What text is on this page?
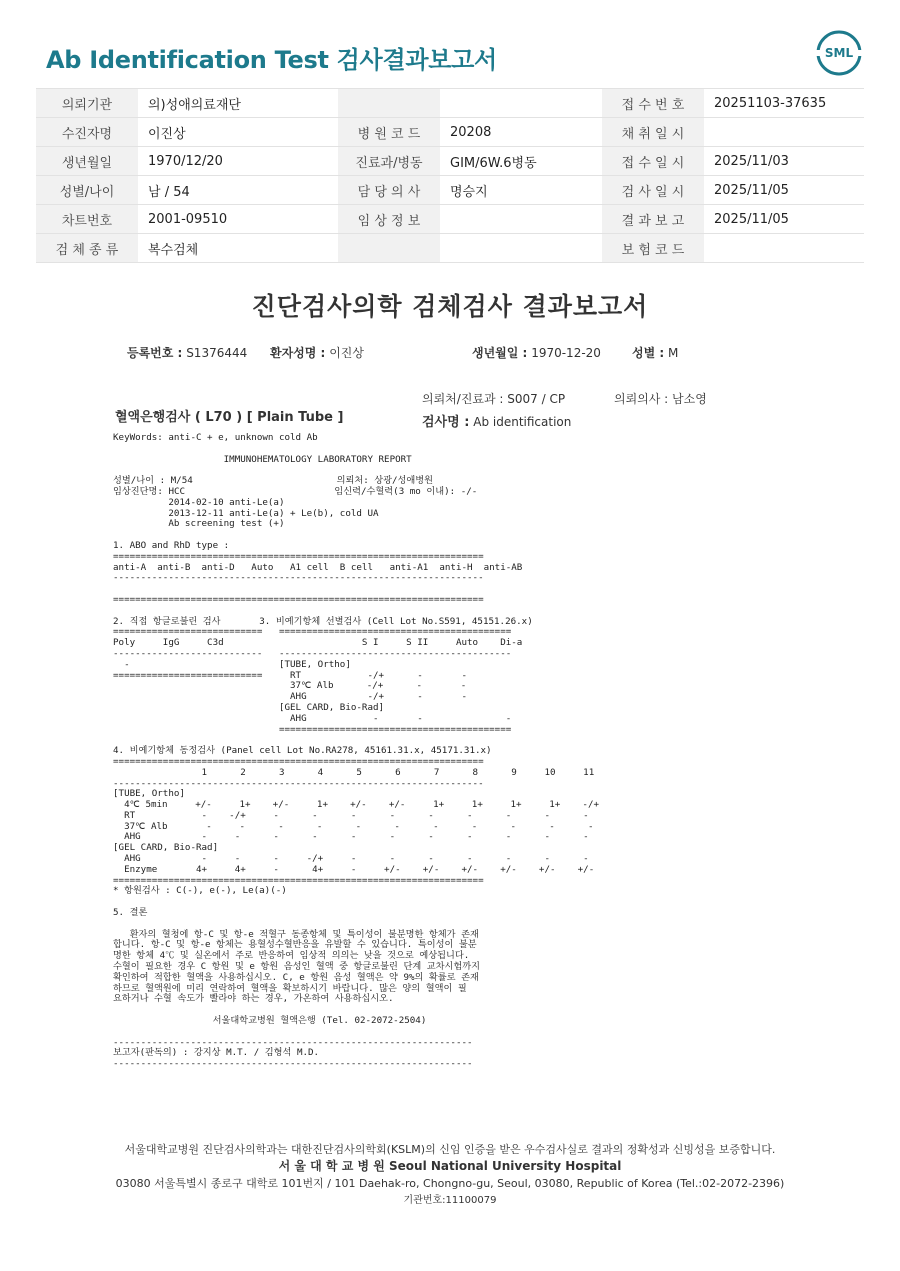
Ab Identification Test 검사결과보고서	SML
의뢰기관	의)성애의료재단			접 수 번 호	20251103-37635
수진자명	이진상	병 원 코 드	20208	채 취 일 시	
생년월일	1970/12/20	진료과/병동	GIM/6W.6병동	접 수 일 시	2025/11/03
성별/나이	남 / 54	담 당 의 사	명승지	검 사 일 시	2025/11/05
차트번호	2001-09510	임 상 정 보		결 과 보 고	2025/11/05
검 체 종 류	복수검체			보 험 코 드	
진단검사의학 검체검사 결과보고서
등록번호 : S1376444 환자성명 : 이진상	생년월일 : 1970-12-20	성별 : M
의뢰처/진료과 : S007 / CP	의뢰의사 : 남소영
혈액은행검사 ( L70 ) [ Plain Tube ]	검사명 : Ab identification
KeyWords: anti-C + e, unknown cold Ab

IMMUNOHEMATOLOGY LABORATORY REPORT

성별/나이 : M/54                          의뢰처: 상광/성애병원
임상진단명: HCC                           임신력/수혈력(3 mo 이내): -/-
2014-02-10 anti-Le(a)
2013-12-11 anti-Le(a) + Le(b), cold UA
Ab screening test (+)

1. ABO and RhD type :
===================================================================
anti-A  anti-B  anti-D   Auto   A1 cell  B cell   anti-A1  anti-H  anti-AB
-------------------------------------------------------------------

===================================================================

2. 직접 항글로불린 검사       3. 비예기항체 선별검사 (Cell Lot No.S591, 45151.26.x)
===========================   ==========================================
Poly     IgG     C3d                         S I     S II     Auto    Di-a
---------------------------   ------------------------------------------
-                           [TUBE, Ortho]
===========================     RT            -/+      -       -
37℃ Alb      -/+      -       -
AHG           -/+      -       -
[GEL CARD, Bio-Rad]
AHG            -       -               -
==========================================

4. 비예기항체 동정검사 (Panel cell Lot No.RA278, 45161.31.x, 45171.31.x)
===================================================================
1      2      3      4      5      6      7      8      9     10     11
-------------------------------------------------------------------
[TUBE, Ortho]
4℃ 5min     +/-     1+    +/-     1+    +/-    +/-     1+     1+     1+     1+    -/+
RT            -    -/+     -      -      -      -      -      -      -      -      -
37℃ Alb       -     -      -      -      -      -      -      -      -      -      -
AHG           -     -      -      -      -      -      -      -      -      -      -
[GEL CARD, Bio-Rad]
AHG           -     -      -     -/+     -      -      -      -      -      -      -
Enzyme       4+     4+     -      4+     -     +/-    +/-    +/-    +/-    +/-    +/-
===================================================================
* 항원검사 : C(-), e(-), Le(a)(-)

5. 결론

환자의 혈청에 항-C 및 항-e 적혈구 동종항체 및 특이성이 불분명한 항체가 존재
합니다. 항-C 및 항-e 항체는 용혈성수혈반응을 유발할 수 있습니다. 특이성이 불분
명한 항체 4℃ 및 실온에서 주로 반응하여 임상적 의의는 낮을 것으로 예상됩니다.
수혈이 필요한 경우 C 항원 및 e 항원 음성인 혈액 중 항글로불린 단계 교차시험까지
확인하여 적합한 혈액을 사용하십시오. C, e 항원 음성 혈액은 약 9%의 확률로 존재
하므로 혈액원에 미리 연락하여 혈액을 확보하시기 바랍니다. 많은 양의 혈액이 필
요하거나 수혈 속도가 빨라야 하는 경우, 가온하여 사용하십시오.

서울대학교병원 혈액은행 (Tel. 02-2072-2504)

-----------------------------------------------------------------
보고자(판독의) : 강지상 M.T. / 김형석 M.D.
-----------------------------------------------------------------

서울대학교병원 진단검사의학과는 대한진단검사의학회(KSLM)의 신임 인증을 받은 우수검사실로 결과의 정확성과 신빙성을 보증합니다.
서 울 대 학 교 병 원 Seoul National University Hospital
03080 서울특별시 종로구 대학로 101번지 / 101 Daehak-ro, Chongno-gu, Seoul, 03080, Republic of Korea (Tel.:02-2072-2396)
기관번호:11100079
